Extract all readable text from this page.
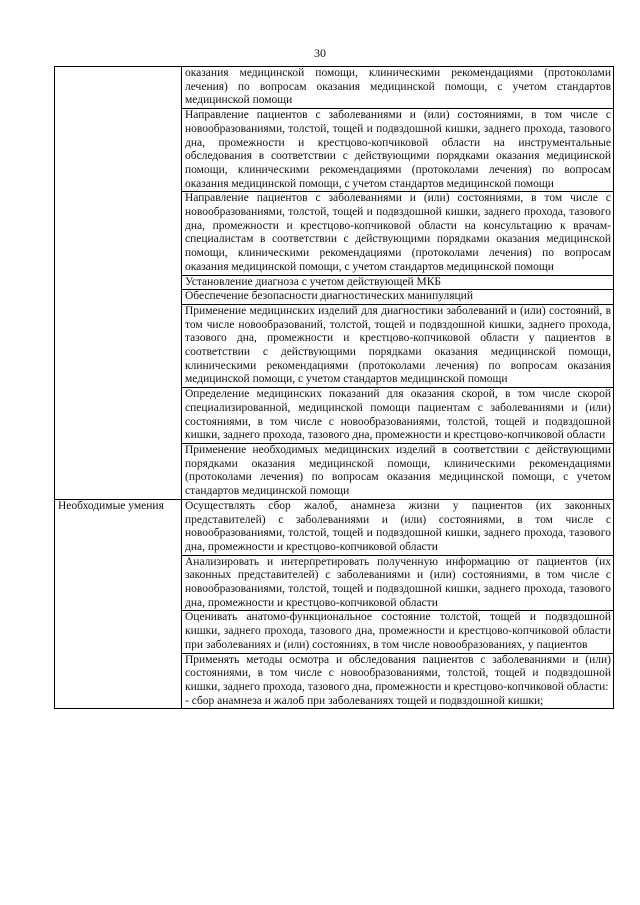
30

	оказания медицинской помощи, клиническими рекомендациями (протоколами лечения) по вопросам оказания медицинской помощи, с учетом стандартов медицинской помощи

	Направление пациентов с заболеваниями и (или) состояниями, в том числе с новообразованиями, толстой, тощей и подвздошной кишки, заднего прохода, тазового дна, промежности и крестцово-копчиковой области на инструментальные обследования в соответствии с действующими порядками оказания медицинской помощи, клиническими рекомендациями (протоколами лечения) по вопросам оказания медицинской помощи, с учетом стандартов медицинской помощи

	Направление пациентов с заболеваниями и (или) состояниями, в том числе с новообразованиями, толстой, тощей и подвздошной кишки, заднего прохода, тазового дна, промежности и крестцово-копчиковой области на консультацию к врачам-специалистам в соответствии с действующими порядками оказания медицинской помощи, клиническими рекомендациями (протоколами лечения) по вопросам оказания медицинской помощи, с учетом стандартов медицинской помощи

	Установление диагноза с учетом действующей МКБ

	Обеспечение безопасности диагностических манипуляций

	Применение медицинских изделий для диагностики заболеваний и (или) состояний, в том числе новообразований, толстой, тощей и подвздошной кишки, заднего прохода, тазового дна, промежности и крестцово-копчиковой области у пациентов в соответствии с действующими порядками оказания медицинской помощи, клиническими рекомендациями (протоколами лечения) по вопросам оказания медицинской помощи, с учетом стандартов медицинской помощи

	Определение медицинских показаний для оказания скорой, в том числе скорой специализированной, медицинской помощи пациентам с заболеваниями и (или) состояниями, в том числе с новообразованиями, толстой, тощей и подвздошной кишки, заднего прохода, тазового дна, промежности и крестцово-копчиковой области

	Применение необходимых медицинских изделий в соответствии с действующими порядками оказания медицинской помощи, клиническими рекомендациями (протоколами лечения) по вопросам оказания медицинской помощи, с учетом стандартов медицинской помощи

Необходимые умения	Осуществлять сбор жалоб, анамнеза жизни у пациентов (их законных представителей) с заболеваниями и (или) состояниями, в том числе с новообразованиями, толстой, тощей и подвздошной кишки, заднего прохода, тазового дна, промежности и крестцово-копчиковой области

	Анализировать и интерпретировать полученную информацию от пациентов (их законных представителей) с заболеваниями и (или) состояниями, в том числе с новообразованиями, толстой, тощей и подвздошной кишки, заднего прохода, тазового дна, промежности и крестцово-копчиковой области

	Оценивать анатомо-функциональное состояние толстой, тощей и подвздошной кишки, заднего прохода, тазового дна, промежности и крестцово-копчиковой области при заболеваниях и (или) состояниях, в том числе новообразованиях, у пациентов

	Применять методы осмотра и обследования пациентов с заболеваниями и (или) состояниями, в том числе с новообразованиями, толстой, тощей и подвздошной кишки, заднего прохода, тазового дна, промежности и крестцово-копчиковой области:
- сбор анамнеза и жалоб при заболеваниях тощей и подвздошной кишки;
